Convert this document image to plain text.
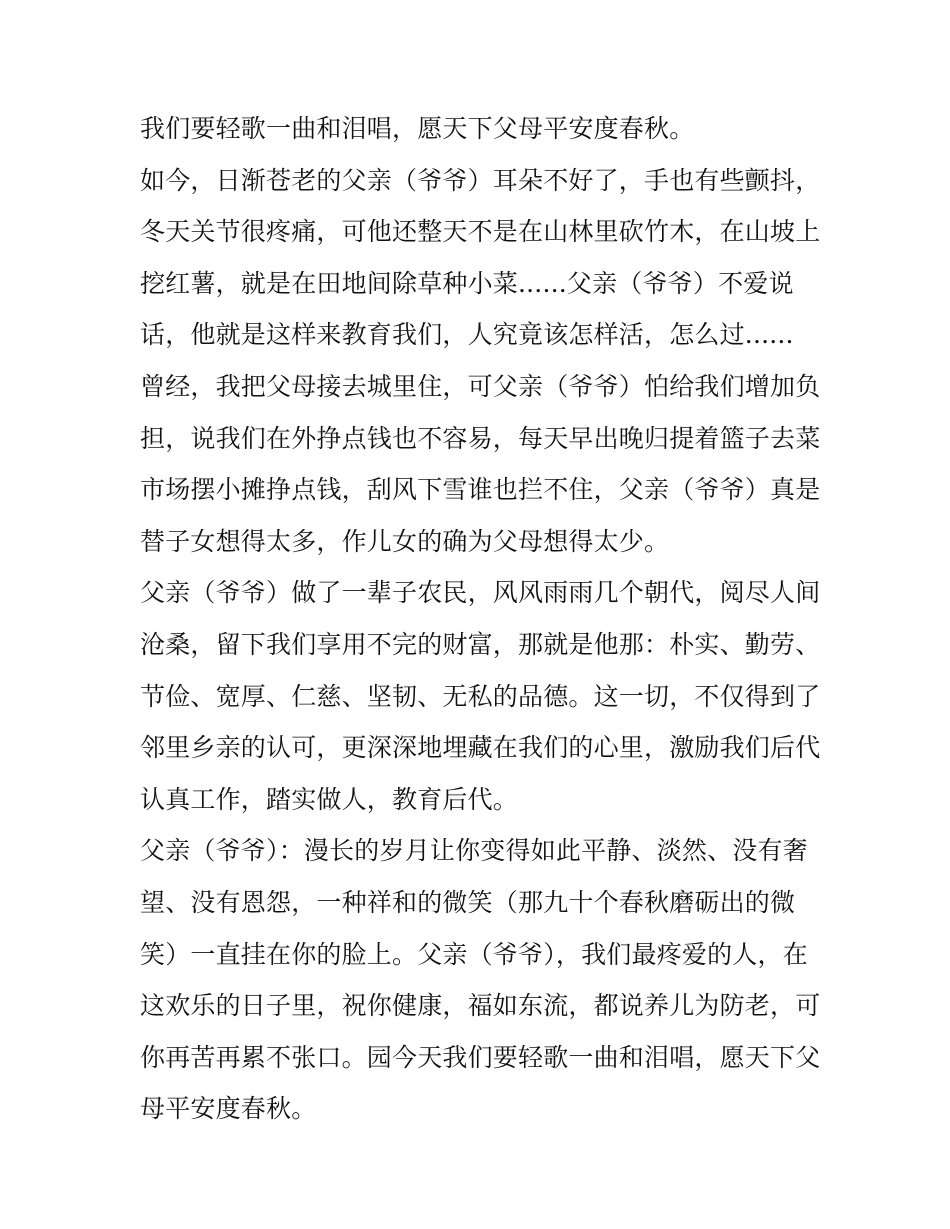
我们要轻歌一曲和泪唱，愿天下父母平安度春秋。
如今，日渐苍老的父亲（爷爷）耳朵不好了，手也有些颤抖，
冬天关节很疼痛，可他还整天不是在山林里砍竹木，在山坡上
挖红薯，就是在田地间除草种小菜......父亲（爷爷）不爱说
话，他就是这样来教育我们，人究竟该怎样活，怎么过......
曾经，我把父母接去城里住，可父亲（爷爷）怕给我们增加负
担，说我们在外挣点钱也不容易，每天早出晚归提着篮子去菜
市场摆小摊挣点钱，刮风下雪谁也拦不住，父亲（爷爷）真是
替子女想得太多，作儿女的确为父母想得太少。
父亲（爷爷）做了一辈子农民，风风雨雨几个朝代，阅尽人间
沧桑，留下我们享用不完的财富，那就是他那：朴实、勤劳、
节俭、宽厚、仁慈、坚韧、无私的品德。这一切，不仅得到了
邻里乡亲的认可，更深深地埋藏在我们的心里，激励我们后代
认真工作，踏实做人，教育后代。
父亲（爷爷）：漫长的岁月让你变得如此平静、淡然、没有奢
望、没有恩怨，一种祥和的微笑（那九十个春秋磨砺出的微
笑）一直挂在你的脸上。父亲（爷爷），我们最疼爱的人，在
这欢乐的日子里，祝你健康，福如东流，都说养儿为防老，可
你再苦再累不张口。园今天我们要轻歌一曲和泪唱，愿天下父
母平安度春秋。
